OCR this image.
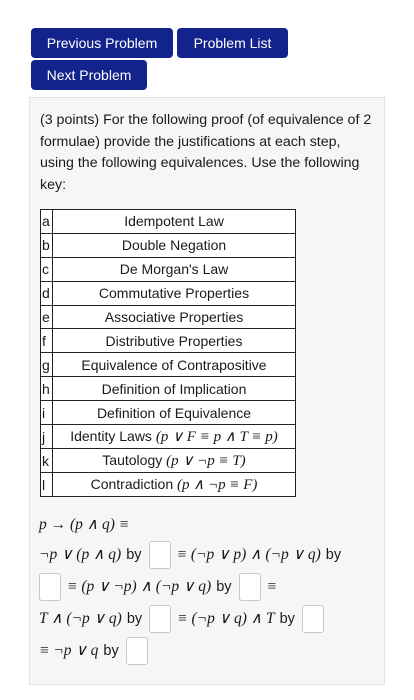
Previous Problem	Problem List
Next Problem
(3 points) For the following proof (of equivalence of 2 formulae) provide the justifications at each step, using the following equivalences. Use the following key:
a	Idempotent Law
b	Double Negation
c	De Morgan's Law
d	Commutative Properties
e	Associative Properties
f	Distributive Properties
g	Equivalence of Contrapositive
h	Definition of Implication
i	Definition of Equivalence
j	Identity Laws (p ∨ F ≡ p ∧ T ≡ p)
k	Tautology (p ∨ ¬p ≡ T)
l	Contradiction (p ∧ ¬p ≡ F)
p → (p ∧ q) ≡
¬p ∨ (p ∧ q) by ≡ (¬p ∨ p) ∧ (¬p ∨ q) by
≡ (p ∨ ¬p) ∧ (¬p ∨ q) by ≡
T ∧ (¬p ∨ q) by ≡ (¬p ∨ q) ∧ T by
≡ ¬p ∨ q by
